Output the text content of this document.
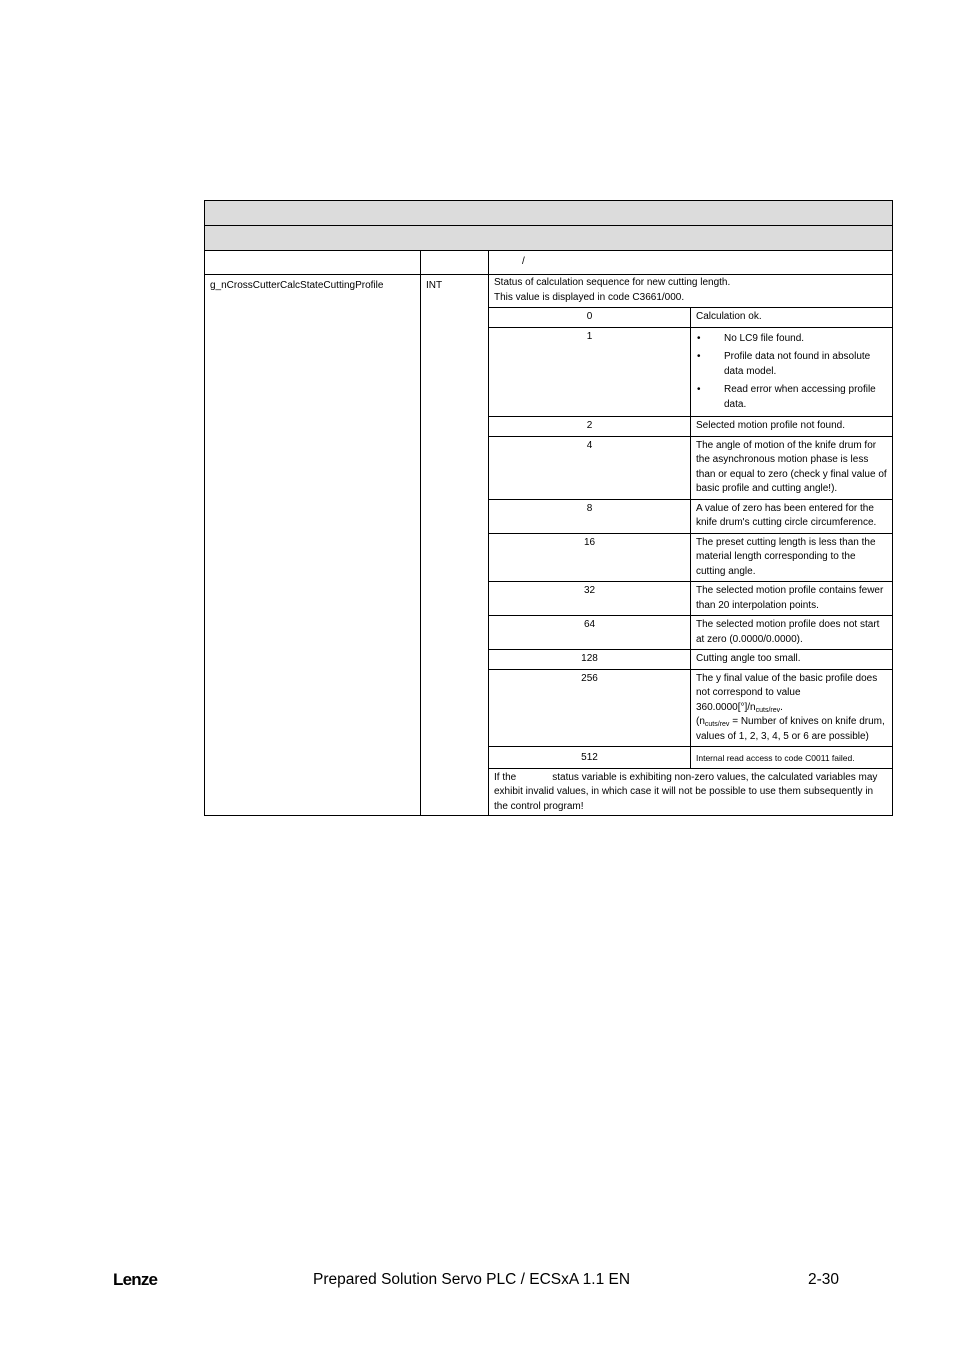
		/
g_nCrossCutterCalcStateCuttingProfile	INT	Status of calculation sequence for new cutting length.
This value is displayed in code C3661/000.
0	Calculation ok.
1	• No LC9 file found.
• Profile data not found in absolute data model.
• Read error when accessing profile data.

2	Selected motion profile not found.
4	The angle of motion of the knife drum for the asynchronous motion phase is less than or equal to zero (check y final value of basic profile and cutting angle!).
8	A value of zero has been entered for the knife drum's cutting circle circumference.
16	The preset cutting length is less than the material length corresponding to the cutting angle.
32	The selected motion profile contains fewer than 20 interpolation points.
64	The selected motion profile does not start at zero (0.0000/0.0000).
128	Cutting angle too small.
256	The y final value of the basic profile does not correspond to value $360.0000[^\circ]/n_{cuts/rev}$.
($n_{cuts/rev}$ = Number of knives on knife drum, values of 1, 2, 3, 4, 5 or 6 are possible)
512	Internal read access to code C0011 failed.
If the	status variable is exhibiting non-zero values, the calculated variables may exhibit invalid values, in which case it will not be possible to use them subsequently in the control program!
Lenze	Prepared Solution Servo PLC / ECSxA 1.1 EN	2-30
